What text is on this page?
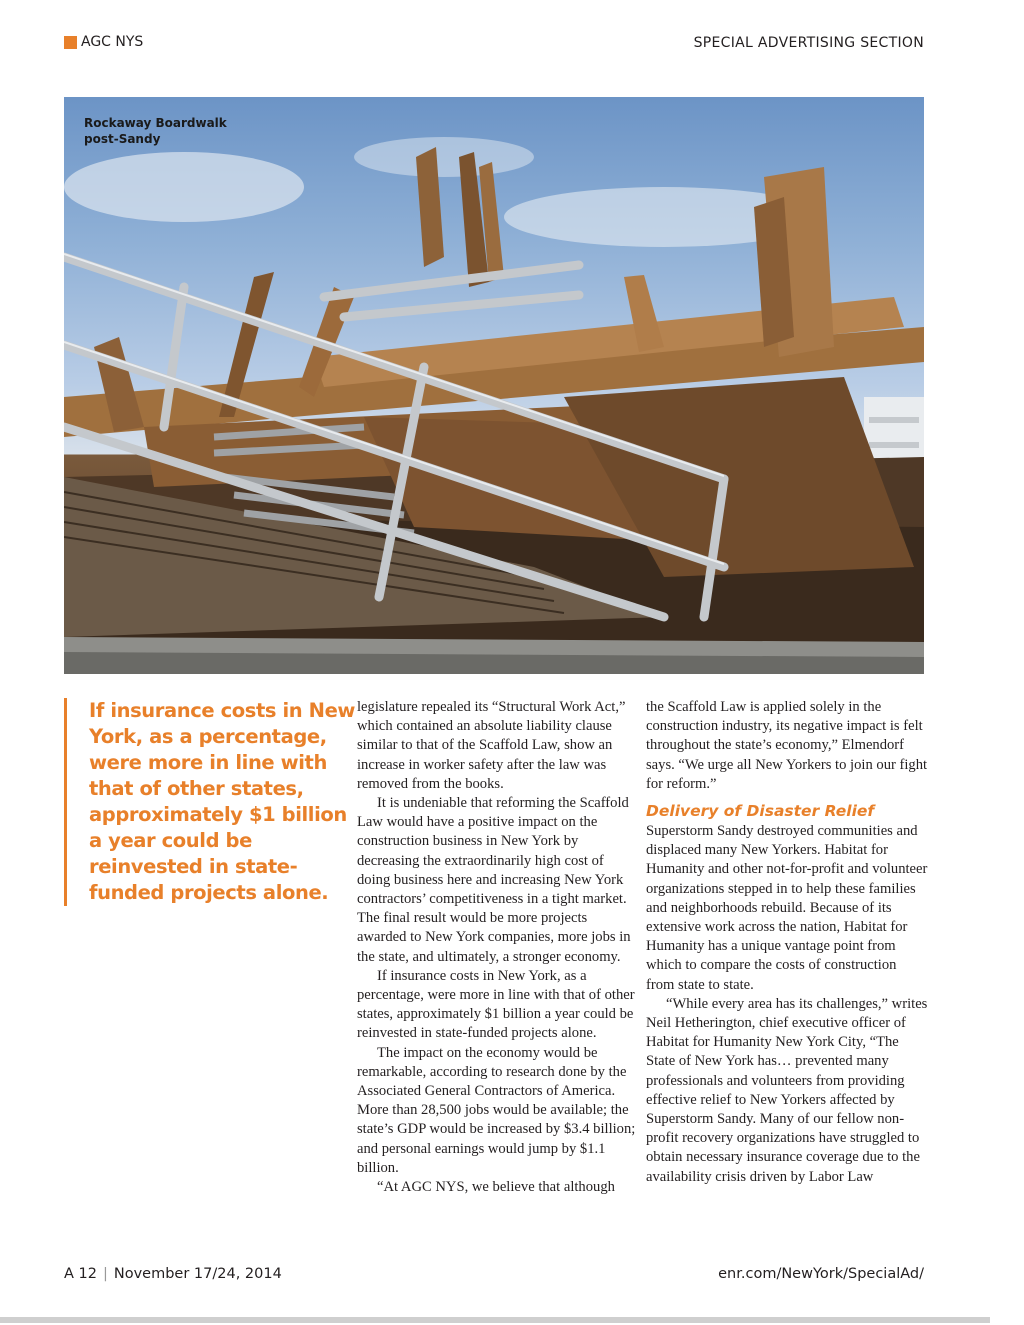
AGC NYS	SPECIAL ADVERTISING SECTION
Rockaway Boardwalk
post-Sandy
If insurance costs in New York, as a percentage, were more in line with that of other states, approximately $1 billion a year could be reinvested in state-funded projects alone.

legislature repealed its “Structural Work Act,” which contained an absolute liability clause similar to that of the Scaffold Law, show an increase in worker safety after the law was removed from the books.

It is undeniable that reforming the Scaffold Law would have a positive impact on the construction business in New York by decreasing the extraordinarily high cost of doing business here and increasing New York contractors’ competitiveness in a tight market. The final result would be more projects awarded to New York companies, more jobs in the state, and ultimately, a stronger economy.

If insurance costs in New York, as a percentage, were more in line with that of other states, approximately $1 billion a year could be reinvested in state-funded projects alone.

The impact on the economy would be remarkable, according to research done by the Associated General Contractors of America. More than 28,500 jobs would be available; the state’s GDP would be increased by $3.4 billion; and personal earnings would jump by $1.1 billion.

“At AGC NYS, we believe that although

the Scaffold Law is applied solely in the construction industry, its negative impact is felt throughout the state’s economy,” Elmendorf says. “We urge all New Yorkers to join our fight for reform.”

Delivery of Disaster Relief

Superstorm Sandy destroyed communities and displaced many New Yorkers. Habitat for Humanity and other not-for-profit and volunteer organizations stepped in to help these families and neighborhoods rebuild. Because of its extensive work across the nation, Habitat for Humanity has a unique vantage point from which to compare the costs of construction from state to state.

“While every area has its challenges,” writes Neil Hetherington, chief executive officer of Habitat for Humanity New York City, “The State of New York has… prevented many professionals and volunteers from providing effective relief to New Yorkers affected by Superstorm Sandy. Many of our fellow non-profit recovery organizations have struggled to obtain necessary insurance coverage due to the availability crisis driven by Labor Law

A 12 | November 17/24, 2014	enr.com/NewYork/SpecialAd/
